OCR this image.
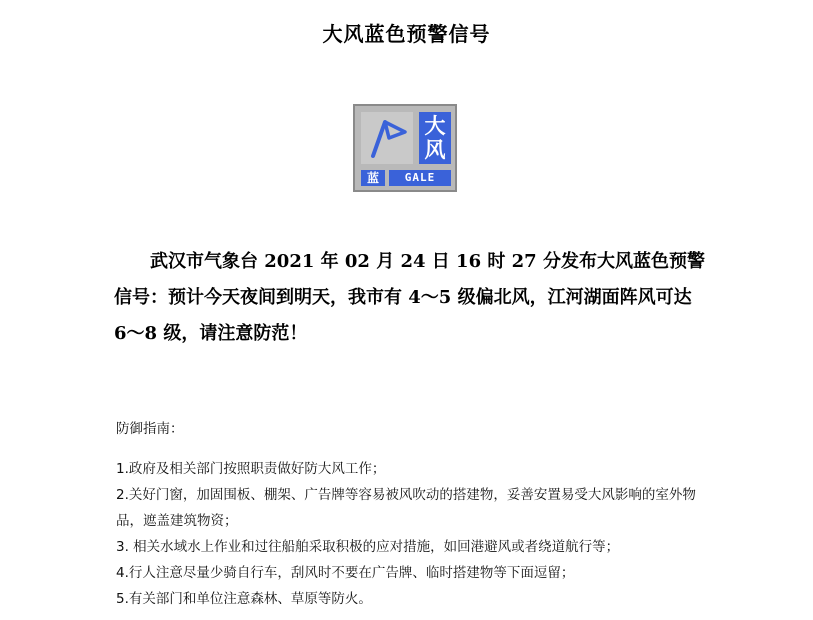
大风蓝色预警信号
大
风
蓝	GALE

武汉市气象台 2021 年 02 月 24 日 16 时 27 分发布大风蓝色预警信号：预计今天夜间到明天，我市有 4～5 级偏北风，江河湖面阵风可达 6～8 级，请注意防范！

防御指南：

1.政府及相关部门按照职责做好防大风工作；

2.关好门窗，加固围板、棚架、广告牌等容易被风吹动的搭建物，妥善安置易受大风影响的室外物品，遮盖建筑物资；

3. 相关水域水上作业和过往船舶采取积极的应对措施，如回港避风或者绕道航行等；

4.行人注意尽量少骑自行车，刮风时不要在广告牌、临时搭建物等下面逗留；

5.有关部门和单位注意森林、草原等防火。
